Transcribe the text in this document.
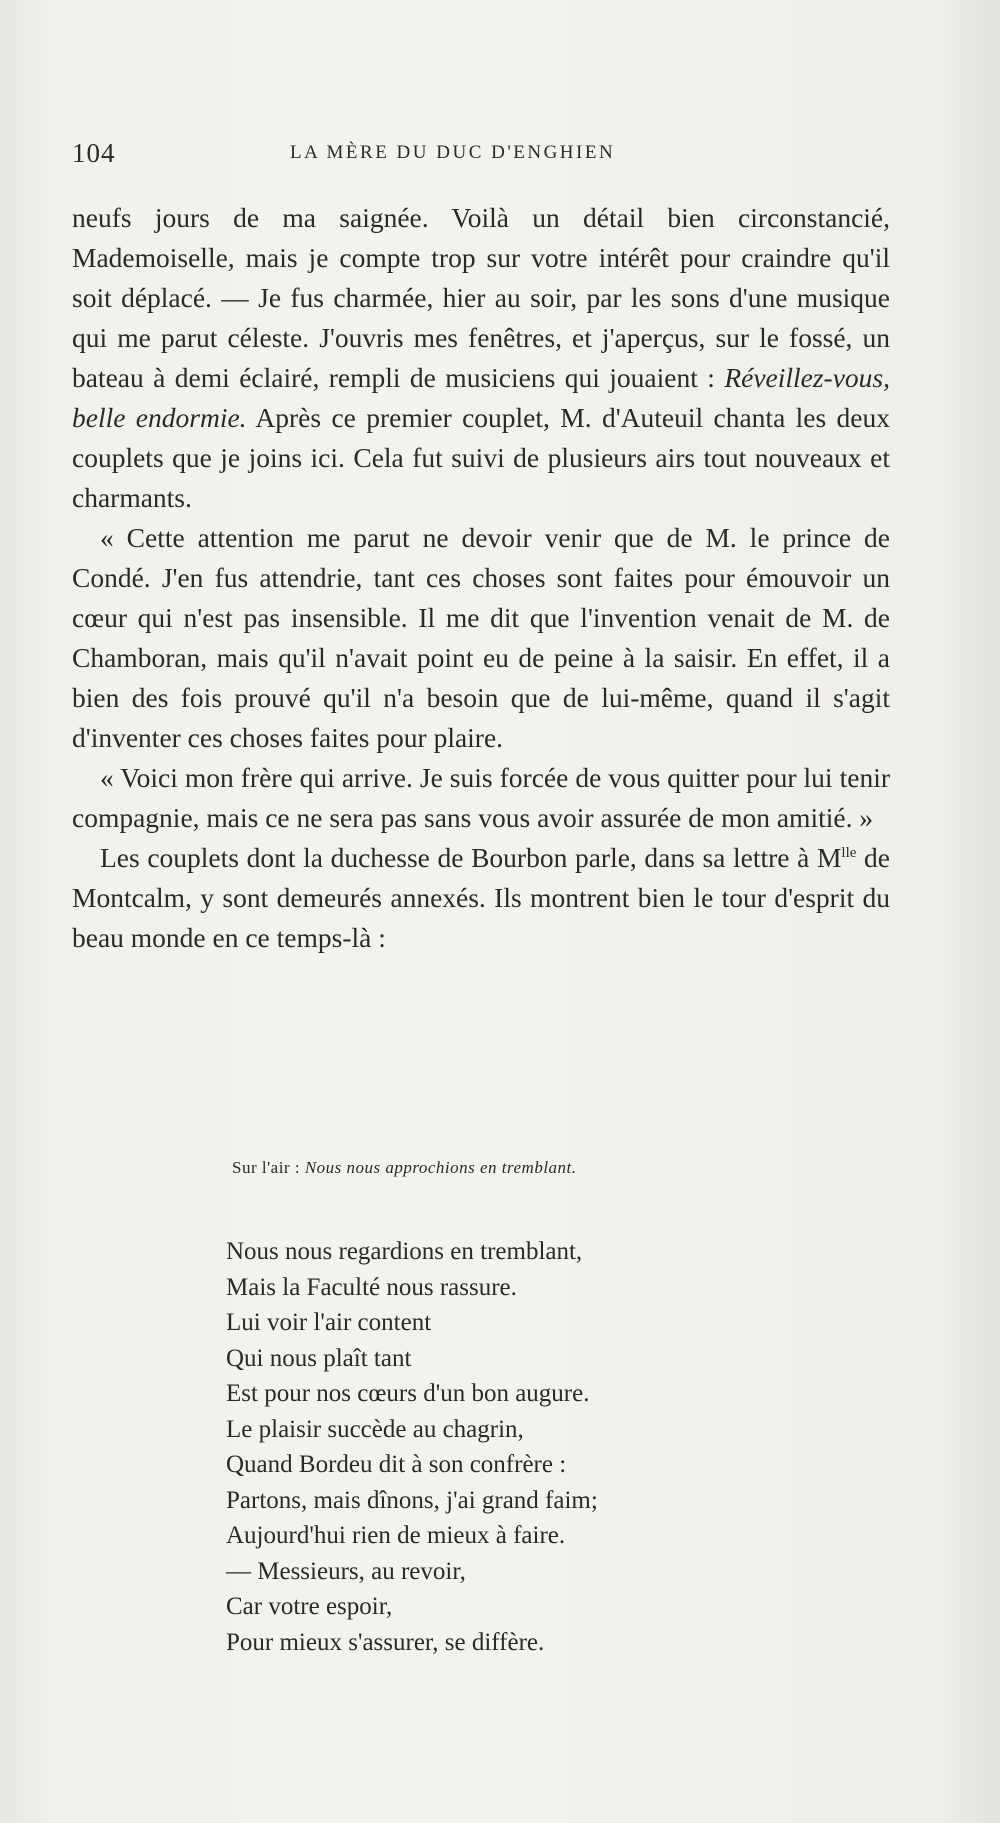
104	LA MÈRE DU DUC D'ENGHIEN

neufs jours de ma saignée. Voilà un détail bien circonstancié, Mademoiselle, mais je compte trop sur votre intérêt pour craindre qu'il soit déplacé. — Je fus charmée, hier au soir, par les sons d'une musique qui me parut céleste. J'ouvris mes fenêtres, et j'aperçus, sur le fossé, un bateau à demi éclairé, rempli de musiciens qui jouaient : Réveillez-vous, belle endormie. Après ce premier couplet, M. d'Auteuil chanta les deux couplets que je joins ici. Cela fut suivi de plusieurs airs tout nouveaux et charmants.

« Cette attention me parut ne devoir venir que de M. le prince de Condé. J'en fus attendrie, tant ces choses sont faites pour émouvoir un cœur qui n'est pas insensible. Il me dit que l'invention venait de M. de Chamboran, mais qu'il n'avait point eu de peine à la saisir. En effet, il a bien des fois prouvé qu'il n'a besoin que de lui-même, quand il s'agit d'inventer ces choses faites pour plaire.

« Voici mon frère qui arrive. Je suis forcée de vous quitter pour lui tenir compagnie, mais ce ne sera pas sans vous avoir assurée de mon amitié. »

Les couplets dont la duchesse de Bourbon parle, dans sa lettre à $M^{lle}$ de Montcalm, y sont demeurés annexés. Ils montrent bien le tour d'esprit du beau monde en ce temps-là :

Sur l'air : Nous nous approchions en tremblant.
Nous nous regardions en tremblant,
Mais la Faculté nous rassure.
Lui voir l'air content
Qui nous plaît tant
Est pour nos cœurs d'un bon augure.
Le plaisir succède au chagrin,
Quand Bordeu dit à son confrère :
Partons, mais dînons, j'ai grand faim;
Aujourd'hui rien de mieux à faire.
— Messieurs, au revoir,
Car votre espoir,
Pour mieux s'assurer, se diffère.
